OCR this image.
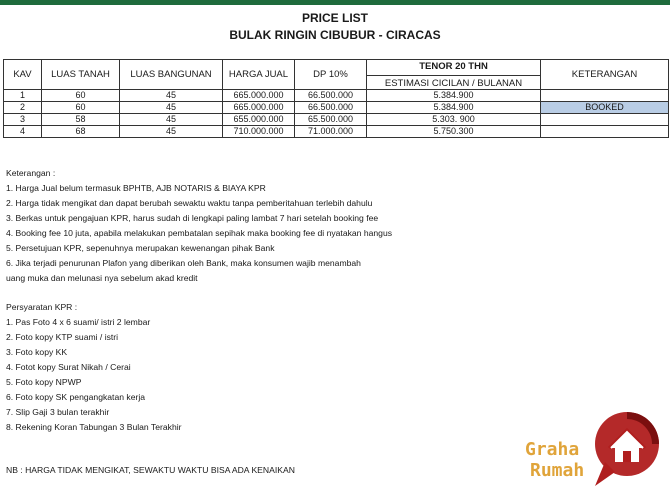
PRICE LIST
BULAK RINGIN CIBUBUR - CIRACAS
KAV	LUAS TANAH	LUAS BANGUNAN	HARGA JUAL	DP 10%	TENOR 20 THN
ESTIMASI CICILAN / BULANAN	KETERANGAN
1	60	45	665.000.000	66.500.000	5.384.900	
2	60	45	665.000.000	66.500.000	5.384.900	BOOKED
3	58	45	655.000.000	65.500.000	5.303. 900	
4	68	45	710.000.000	71.000.000	5.750.300	
Keterangan :
1. Harga Jual belum termasuk BPHTB, AJB NOTARIS & BIAYA KPR
2. Harga tidak mengikat dan dapat berubah sewaktu waktu tanpa pemberitahuan terlebih dahulu
3. Berkas untuk pengajuan KPR, harus sudah di lengkapi paling lambat 7 hari setelah booking fee
4. Booking fee 10 juta, apabila melakukan pembatalan sepihak maka booking fee di nyatakan hangus
5. Persetujuan KPR, sepenuhnya merupakan kewenangan pihak Bank
6. Jika terjadi penurunan Plafon yang diberikan oleh Bank, maka konsumen wajib menambah
uang muka dan melunasi nya sebelum akad kredit
Persyaratan KPR :
1. Pas Foto 4 x 6 suami/ istri 2 lembar
2. Foto kopy KTP suami / istri
3. Foto kopy KK
4. Fotot kopy Surat Nikah / Cerai
5. Foto kopy NPWP
6. Foto kopy SK pengangkatan kerja
7. Slip Gaji 3 bulan terakhir
8. Rekening Koran Tabungan 3 Bulan Terakhir
NB : HARGA TIDAK MENGIKAT, SEWAKTU WAKTU BISA ADA KENAIKAN
Graha
Rumah
